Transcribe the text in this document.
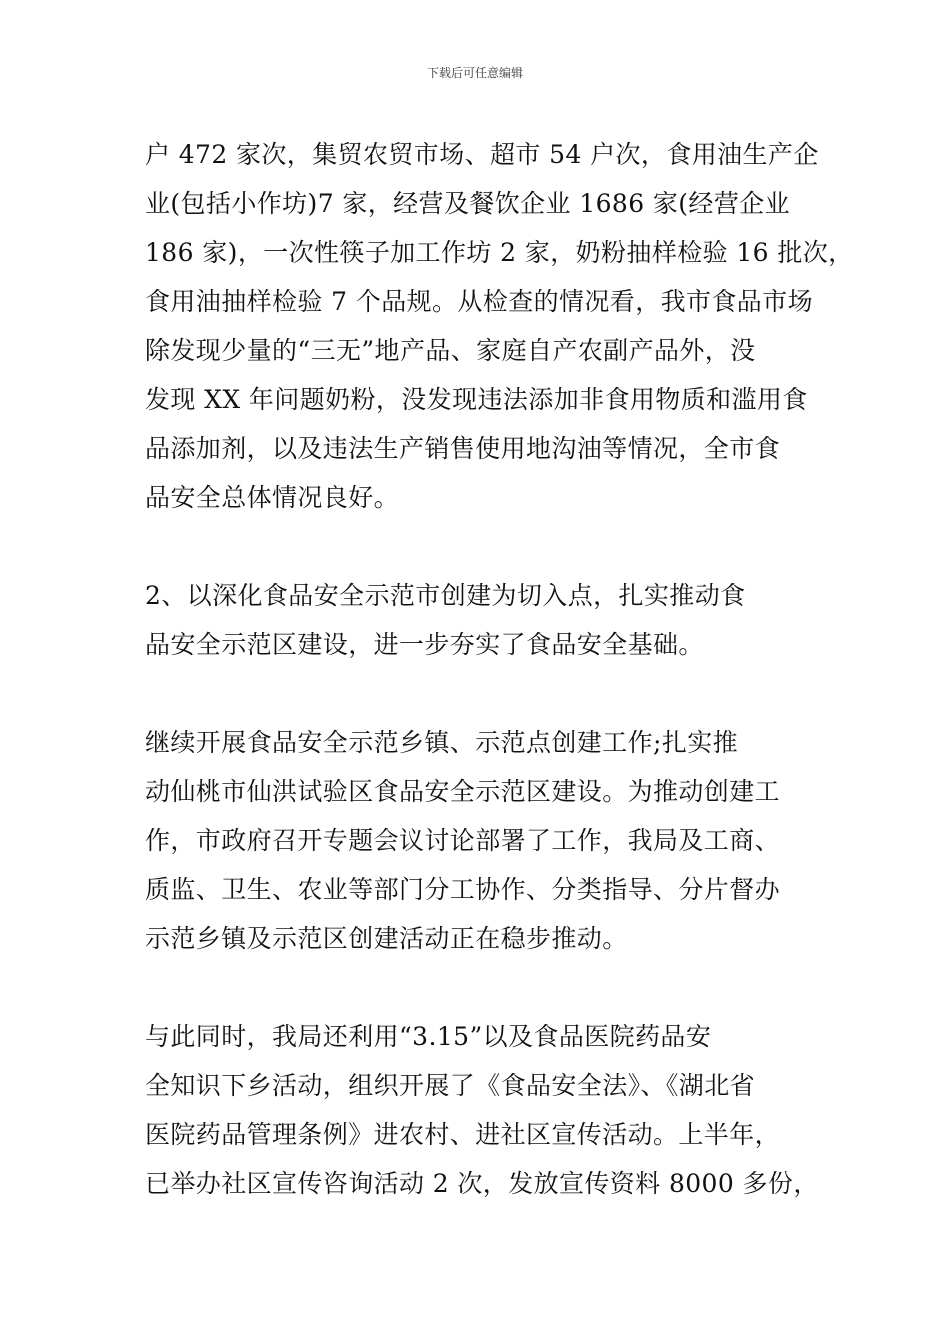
下载后可任意编辑
户 472 家次，集贸农贸市场、超市 54 户次，食用油生产企
业(包括小作坊)7 家，经营及餐饮企业 1686 家(经营企业
186 家)，一次性筷子加工作坊 2 家，奶粉抽样检验 16 批次，
食用油抽样检验 7 个品规。从检查的情况看，我市食品市场
除发现少量的“三无”地产品、家庭自产农副产品外，没
发现 XX 年问题奶粉，没发现违法添加非食用物质和滥用食
品添加剂，以及违法生产销售使用地沟油等情况，全市食
品安全总体情况良好。
2、以深化食品安全示范市创建为切入点，扎实推动食
品安全示范区建设，进一步夯实了食品安全基础。
继续开展食品安全示范乡镇、示范点创建工作;扎实推
动仙桃市仙洪试验区食品安全示范区建设。为推动创建工
作，市政府召开专题会议讨论部署了工作，我局及工商、
质监、卫生、农业等部门分工协作、分类指导、分片督办
示范乡镇及示范区创建活动正在稳步推动。
与此同时，我局还利用“3.15”以及食品医院药品安
全知识下乡活动，组织开展了《食品安全法》、《湖北省
医院药品管理条例》进农村、进社区宣传活动。上半年，
已举办社区宣传咨询活动 2 次，发放宣传资料 8000 多份，
